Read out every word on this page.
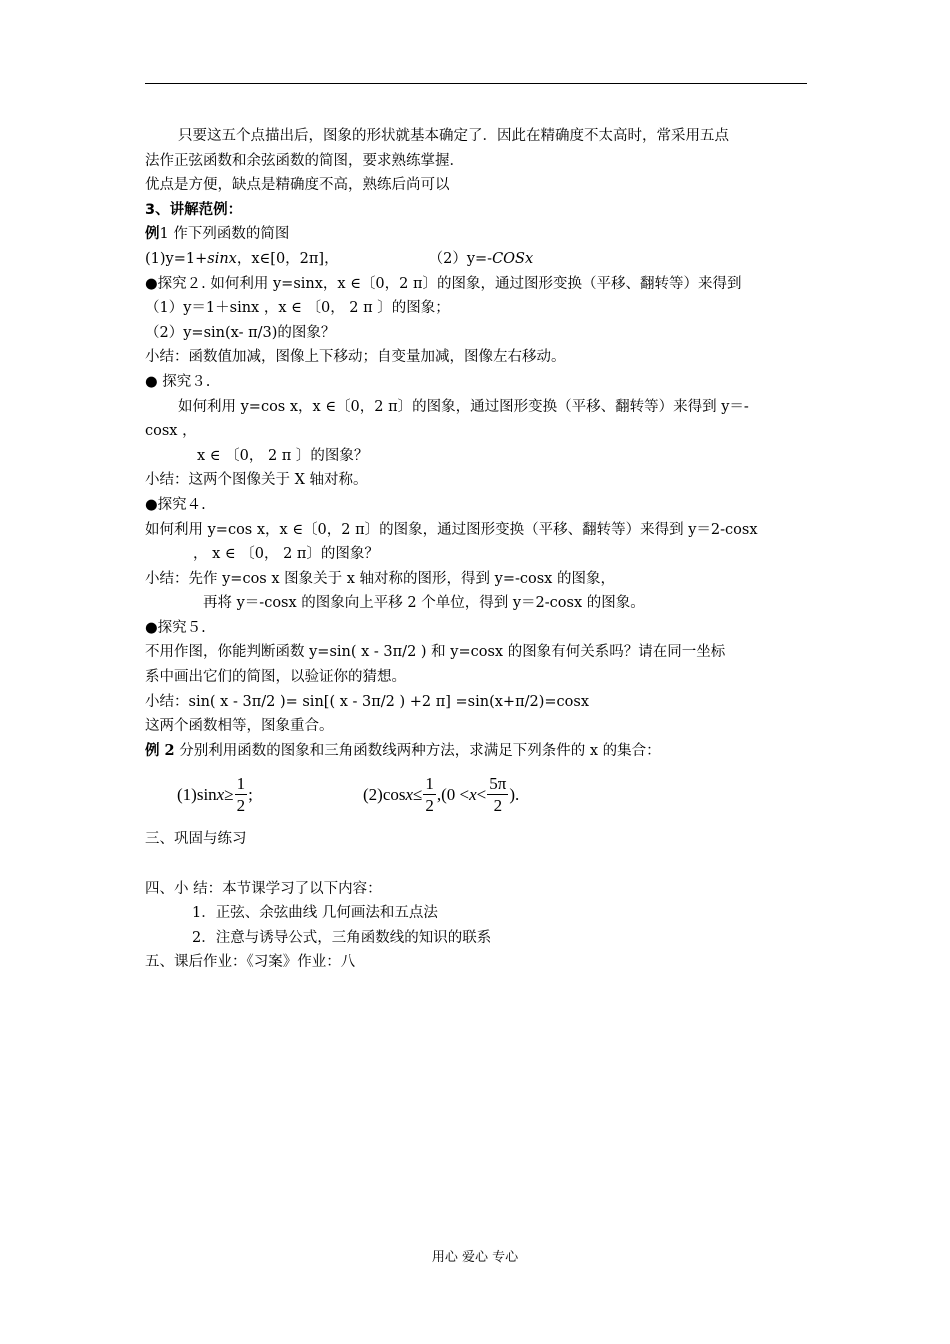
只要这五个点描出后，图象的形状就基本确定了．因此在精确度不太高时，常采用五点
法作正弦函数和余弦函数的简图，要求熟练掌握．
优点是方便，缺点是精确度不高，熟练后尚可以
3、讲解范例：
例1 作下列函数的简图
(1)y=1+sinx，x∈[0，2π]，	（2）y=-COSx
●探究２. 如何利用 y=sinx，x ∈〔0，2 π〕的图象，通过图形变换（平移、翻转等）来得到
（1）y＝1＋sinx ，x ∈ 〔0， 2 π 〕的图象；
（2）y=sin(x- π/3)的图象？
小结：函数值加减，图像上下移动；自变量加减，图像左右移动。
● 探究３.
如何利用 y=cos x，x ∈〔0，2 π〕的图象，通过图形变换（平移、翻转等）来得到 y＝-
cosx ，
x ∈ 〔0， 2 π 〕的图象？
小结：这两个图像关于 X 轴对称。
●探究４.
如何利用 y=cos x，x ∈〔0，2 π〕的图象，通过图形变换（平移、翻转等）来得到 y＝2-cosx
， x ∈ 〔0， 2 π〕的图象？
小结：先作 y=cos x 图象关于 x 轴对称的图形，得到 y=-cosx 的图象，
再将 y＝-cosx 的图象向上平移 2 个单位，得到 y＝2-cosx 的图象。
●探究５.
不用作图，你能判断函数 y=sin( x - 3π/2 ) 和 y=cosx 的图象有何关系吗？请在同一坐标
系中画出它们的简图，以验证你的猜想。
小结：sin( x - 3π/2 )= sin[( x - 3π/2 ) +2 π] =sin(x+π/2)=cosx
这两个函数相等，图象重合。
例 2 分别利用函数的图象和三角函数线两种方法，求满足下列条件的 x 的集合：
(1)sin $x \ge \frac{1}{2}$ ;	(2)cos $x \le \frac{1}{2} ,(0 < x < \frac{5\pi}{2}$ ).
三、巩固与练习
四、小 结：本节课学习了以下内容：
1．正弦、余弦曲线 几何画法和五点法
2．注意与诱导公式，三角函数线的知识的联系
五、课后作业：《习案》作业：八
用心 爱心 专心
